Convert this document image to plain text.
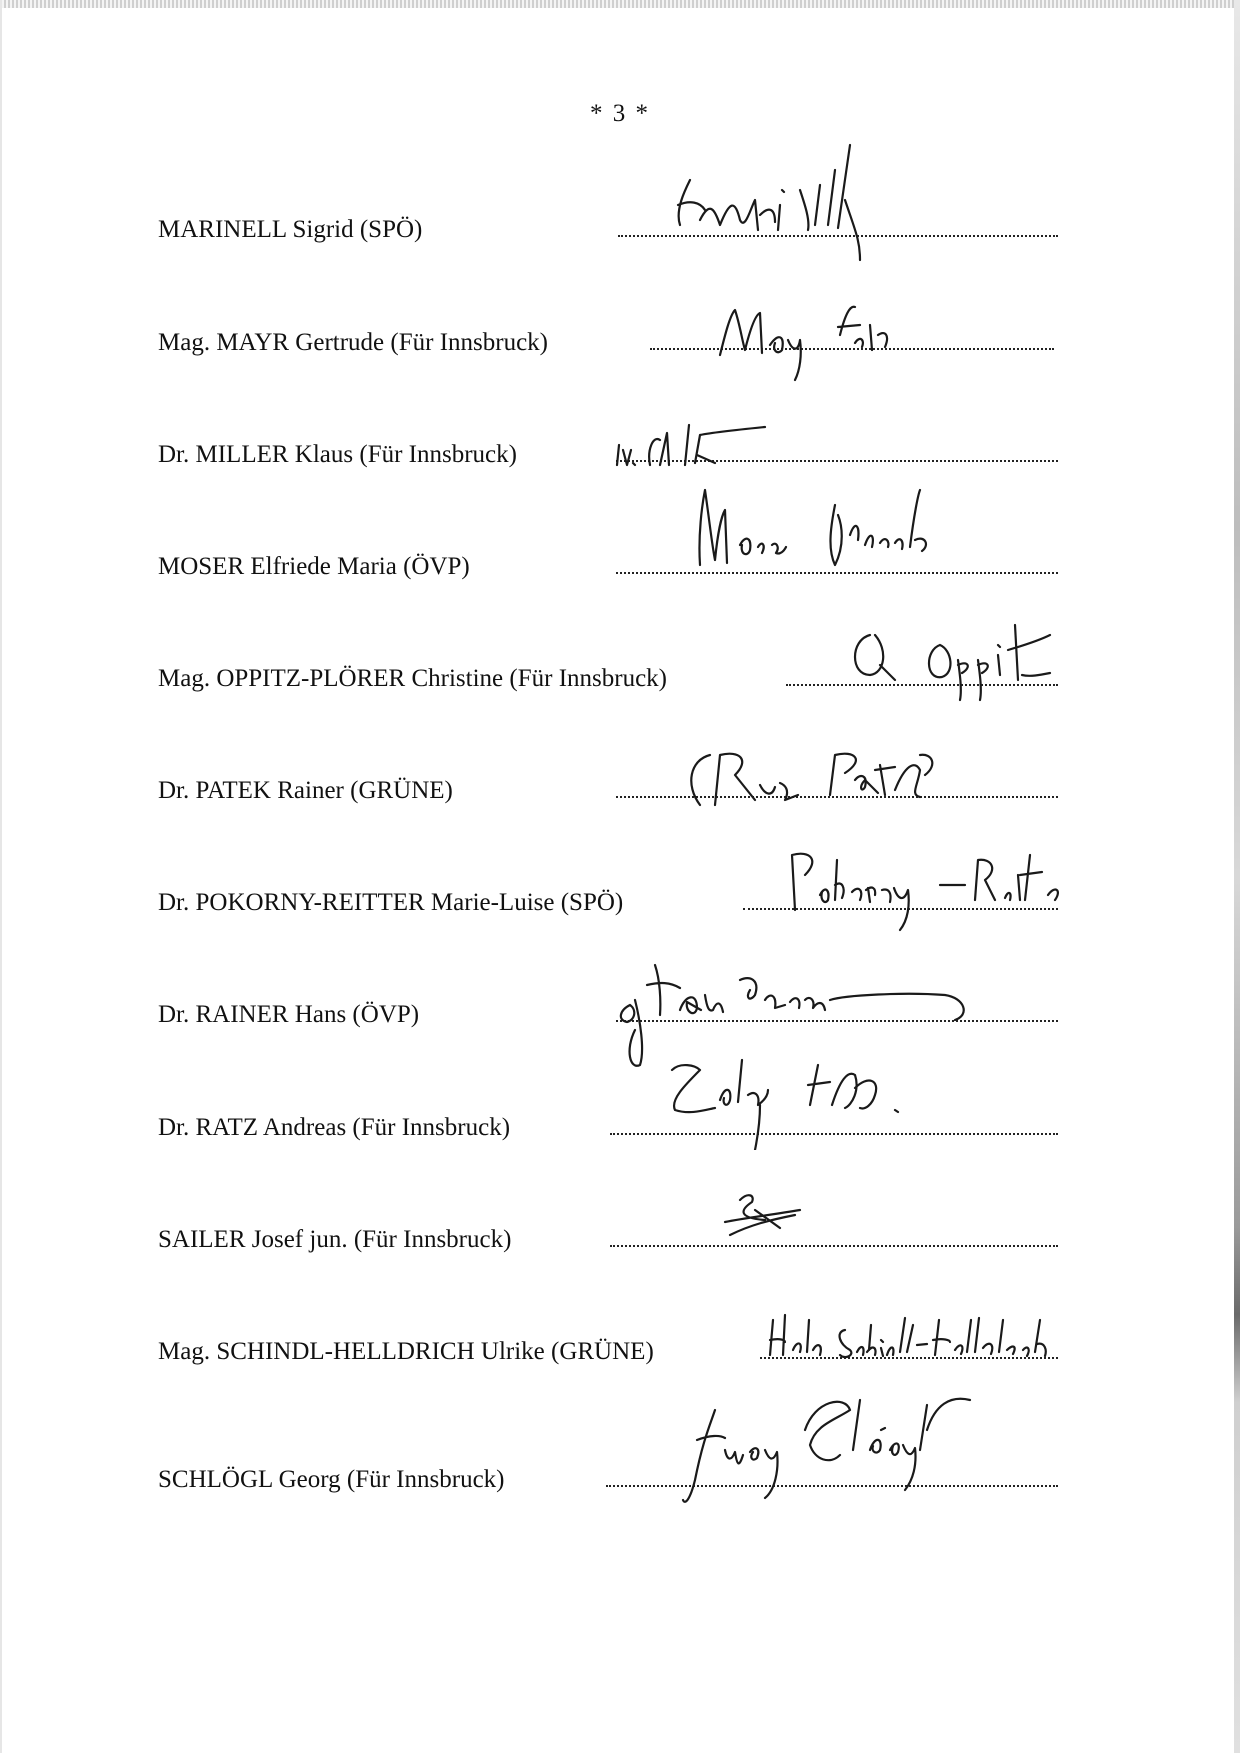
* 3 *
MARINELL Sigrid (SPÖ)
Mag. MAYR Gertrude (Für Innsbruck)
Dr. MILLER Klaus (Für Innsbruck)
MOSER Elfriede Maria (ÖVP)
Mag. OPPITZ-PLÖRER Christine (Für Innsbruck)
Dr. PATEK Rainer (GRÜNE)
Dr. POKORNY-REITTER Marie-Luise (SPÖ)
Dr. RAINER Hans (ÖVP)
Dr. RATZ Andreas (Für Innsbruck)
SAILER Josef jun. (Für Innsbruck)
Mag. SCHINDL-HELLDRICH Ulrike (GRÜNE)
SCHLÖGL Georg (Für Innsbruck)
